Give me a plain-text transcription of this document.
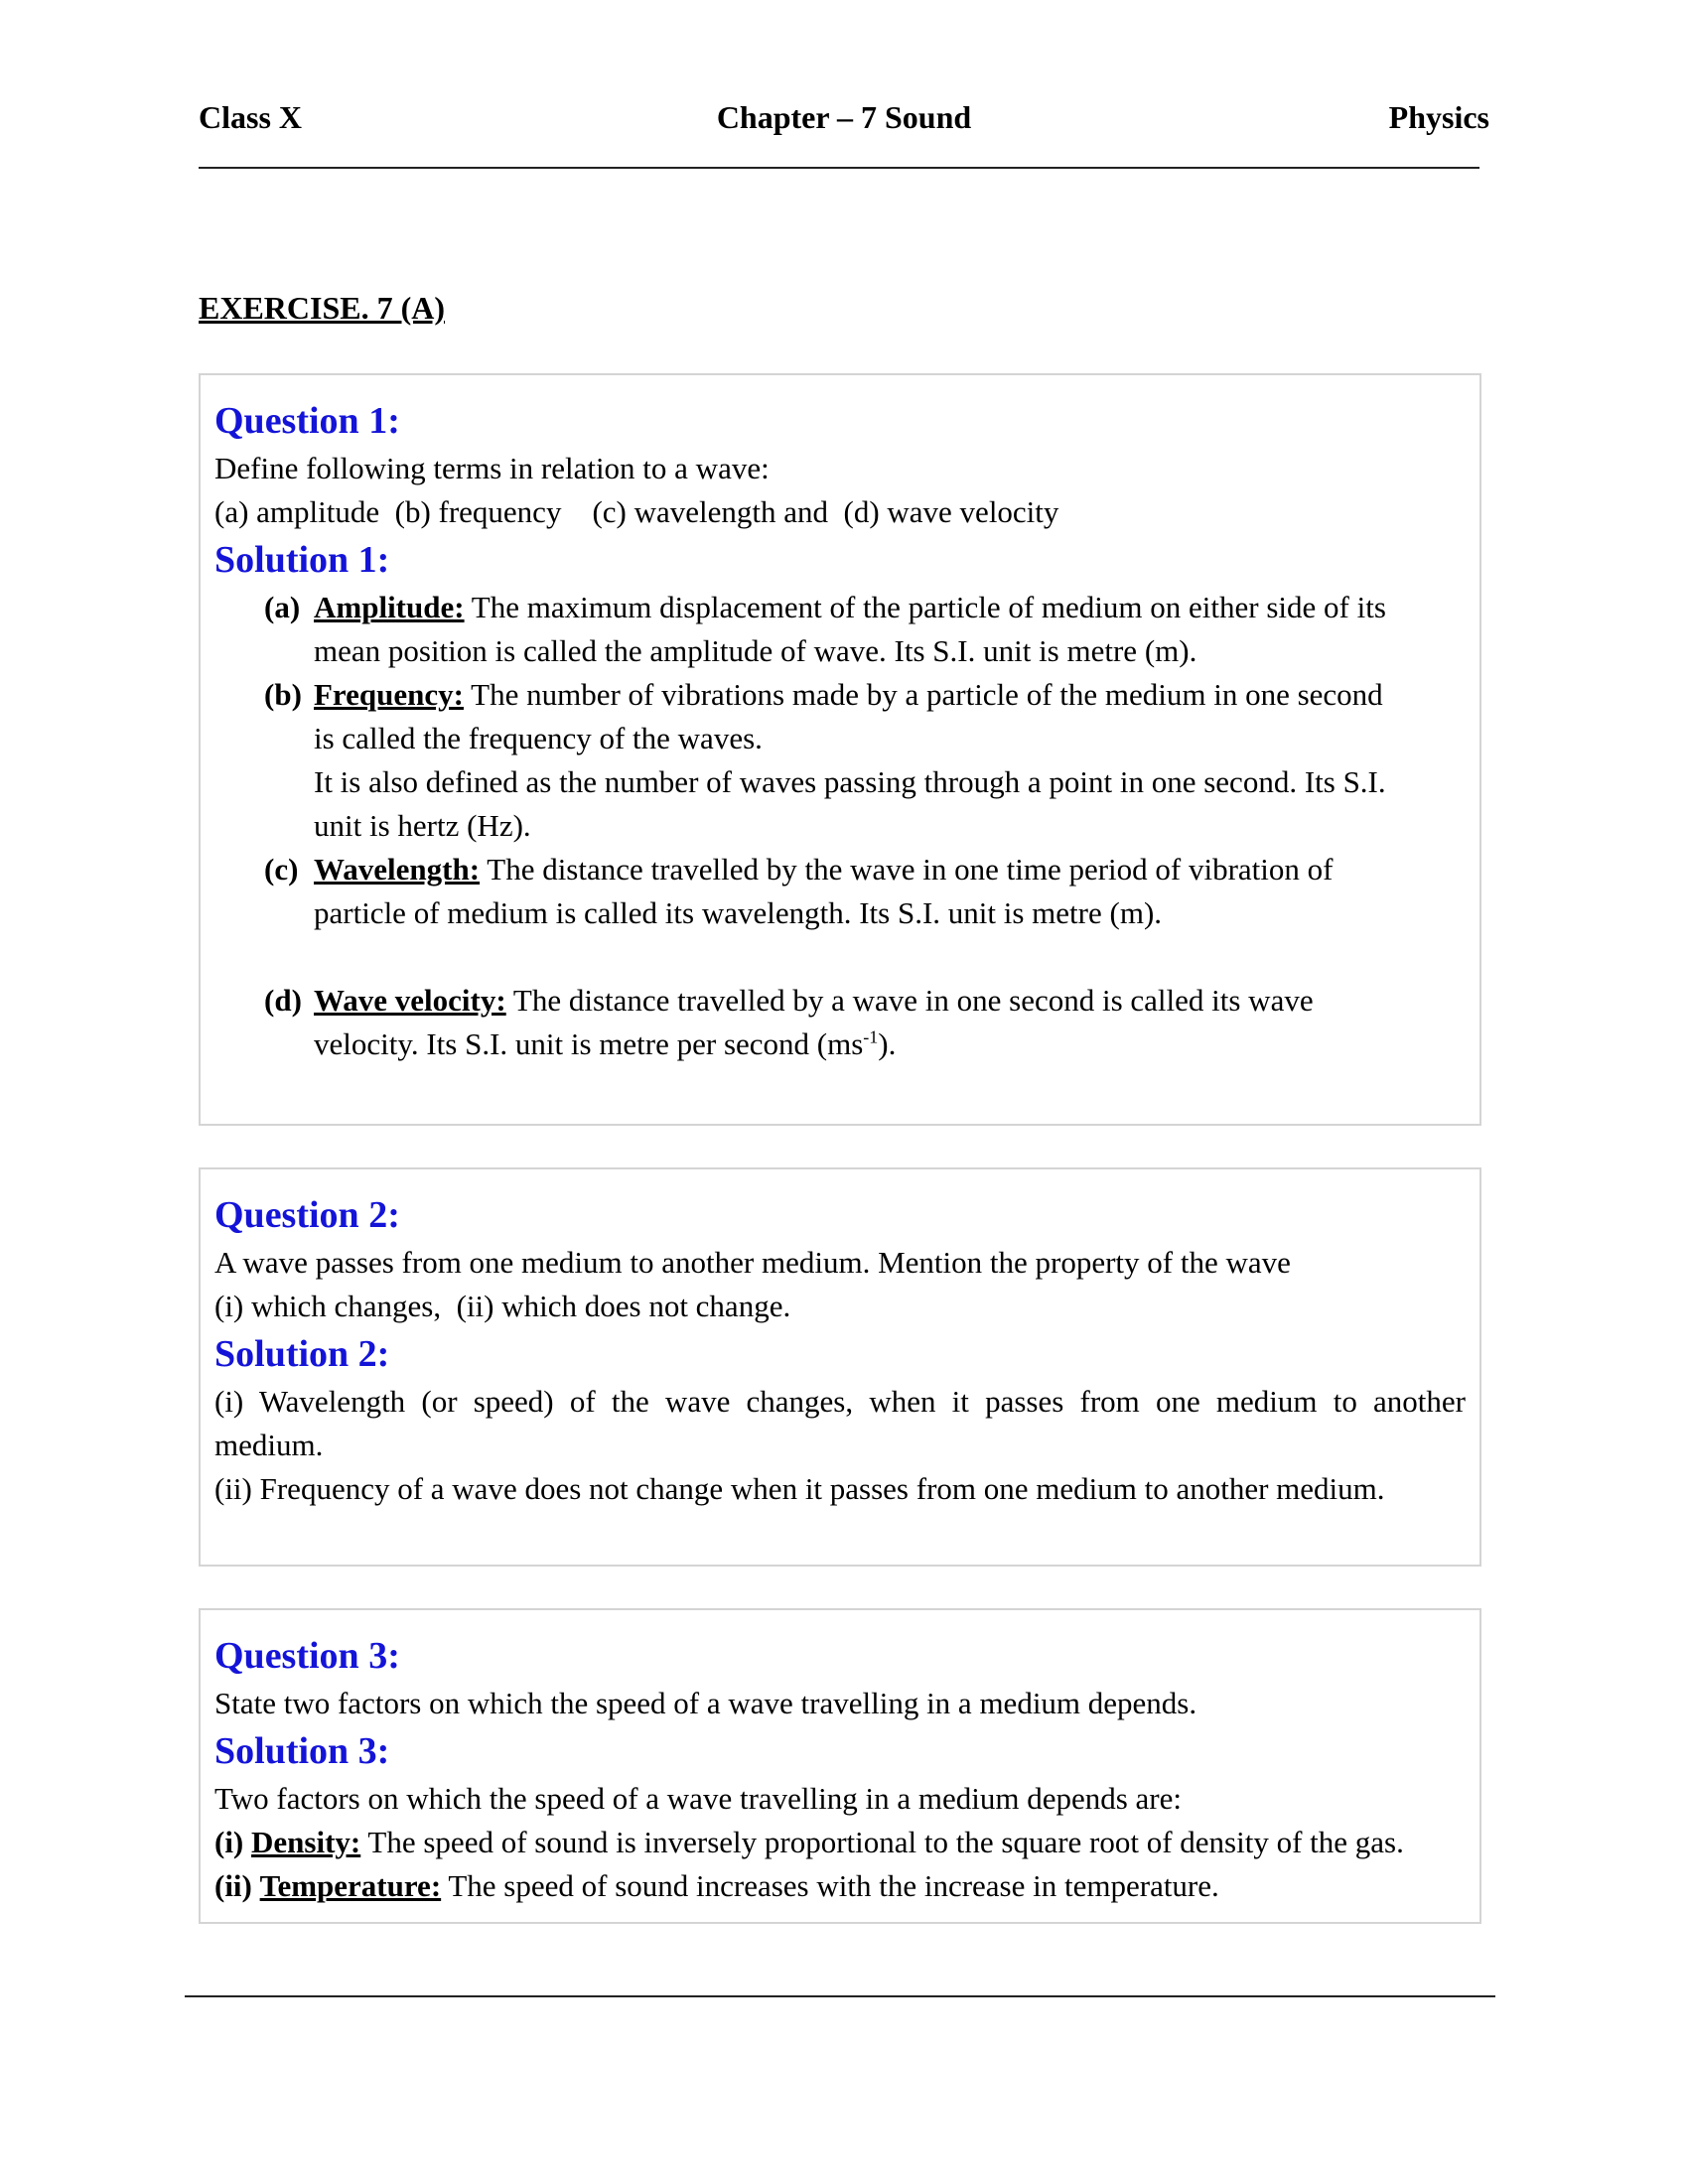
Class X	Chapter – 7 Sound	Physics
EXERCISE. 7 (A)
Question 1:
Define following terms in relation to a wave:
(a) amplitude  (b) frequency    (c) wavelength and  (d) wave velocity
Solution 1:
(a) Amplitude: The maximum displacement of the particle of medium on either side of its
mean position is called the amplitude of wave. Its S.I. unit is metre (m).
(b) Frequency: The number of vibrations made by a particle of the medium in one second
is called the frequency of the waves.
It is also defined as the number of waves passing through a point in one second. Its S.I.
unit is hertz (Hz).
(c) Wavelength: The distance travelled by the wave in one time period of vibration of
particle of medium is called its wavelength. Its S.I. unit is metre (m).
(d) Wave velocity: The distance travelled by a wave in one second is called its wave
velocity. Its S.I. unit is metre per second $(ms^{-1})$.
Question 2:
A wave passes from one medium to another medium. Mention the property of the wave
(i) which changes,  (ii) which does not change.
Solution 2:
(i) Wavelength (or speed) of the wave changes, when it passes from one medium to another
medium.
(ii) Frequency of a wave does not change when it passes from one medium to another medium.
Question 3:
State two factors on which the speed of a wave travelling in a medium depends.
Solution 3:
Two factors on which the speed of a wave travelling in a medium depends are:
(i) Density: The speed of sound is inversely proportional to the square root of density of the gas.
(ii) Temperature: The speed of sound increases with the increase in temperature.
